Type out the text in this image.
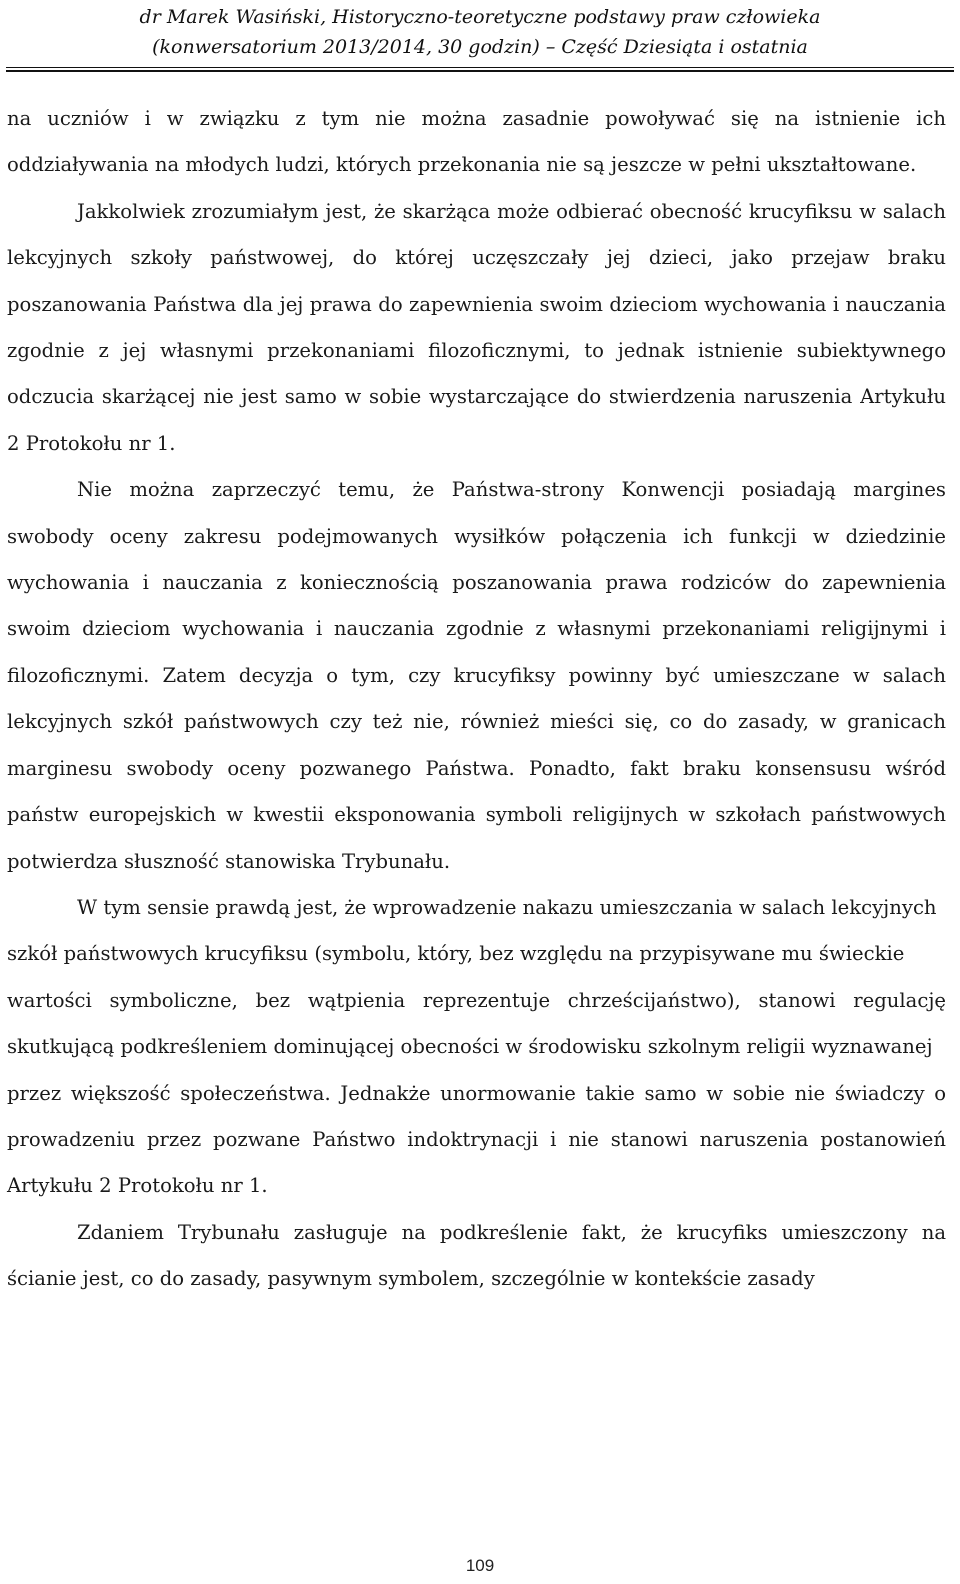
dr Marek Wasiński, Historyczno-teoretyczne podstawy praw człowieka
(konwersatorium 2013/2014, 30 godzin) – Część Dziesiąta i ostatnia

na uczniów i w związku z tym nie można zasadnie powoływać się na istnienie ich oddziaływania na młodych ludzi, których przekonania nie są jeszcze w pełni ukształtowane.

Jakkolwiek zrozumiałym jest, że skarżąca może odbierać obecność krucyfiksu w salach lekcyjnych szkoły państwowej, do której uczęszczały jej dzieci, jako przejaw braku poszanowania Państwa dla jej prawa do zapewnienia swoim dzieciom wychowania i nauczania zgodnie z jej własnymi przekonaniami filozoficznymi, to jednak istnienie subiektywnego odczucia skarżącej nie jest samo w sobie wystarczające do stwierdzenia naruszenia Artykułu 2 Protokołu nr 1.

Nie można zaprzeczyć temu, że Państwa-strony Konwencji posiadają margines swobody oceny zakresu podejmowanych wysiłków połączenia ich funkcji w dziedzinie wychowania i nauczania z koniecznością poszanowania prawa rodziców do zapewnienia swoim dzieciom wychowania i nauczania zgodnie z własnymi przekonaniami religijnymi i filozoficznymi. Zatem decyzja o tym, czy krucyfiksy powinny być umieszczane w salach lekcyjnych szkół państwowych czy też nie, również mieści się, co do zasady, w granicach marginesu swobody oceny pozwanego Państwa. Ponadto, fakt braku konsensusu wśród państw europejskich w kwestii eksponowania symboli religijnych w szkołach państwowych potwierdza słuszność stanowiska Trybunału.

W tym sensie prawdą jest, że wprowadzenie nakazu umieszczania w salach lekcyjnych

szkół państwowych krucyfiksu (symbolu, który, bez względu na przypisywane mu świeckie

wartości symboliczne, bez wątpienia reprezentuje chrześcijaństwo), stanowi regulację skutkującą podkreśleniem dominującej obecności w środowisku szkolnym religii wyznawanej

przez większość społeczeństwa. Jednakże unormowanie takie samo w sobie nie świadczy o prowadzeniu przez pozwane Państwo indoktrynacji i nie stanowi naruszenia postanowień Artykułu 2 Protokołu nr 1.

Zdaniem Trybunału zasługuje na podkreślenie fakt, że krucyfiks umieszczony na ścianie jest, co do zasady, pasywnym symbolem, szczególnie w kontekście zasady

109
